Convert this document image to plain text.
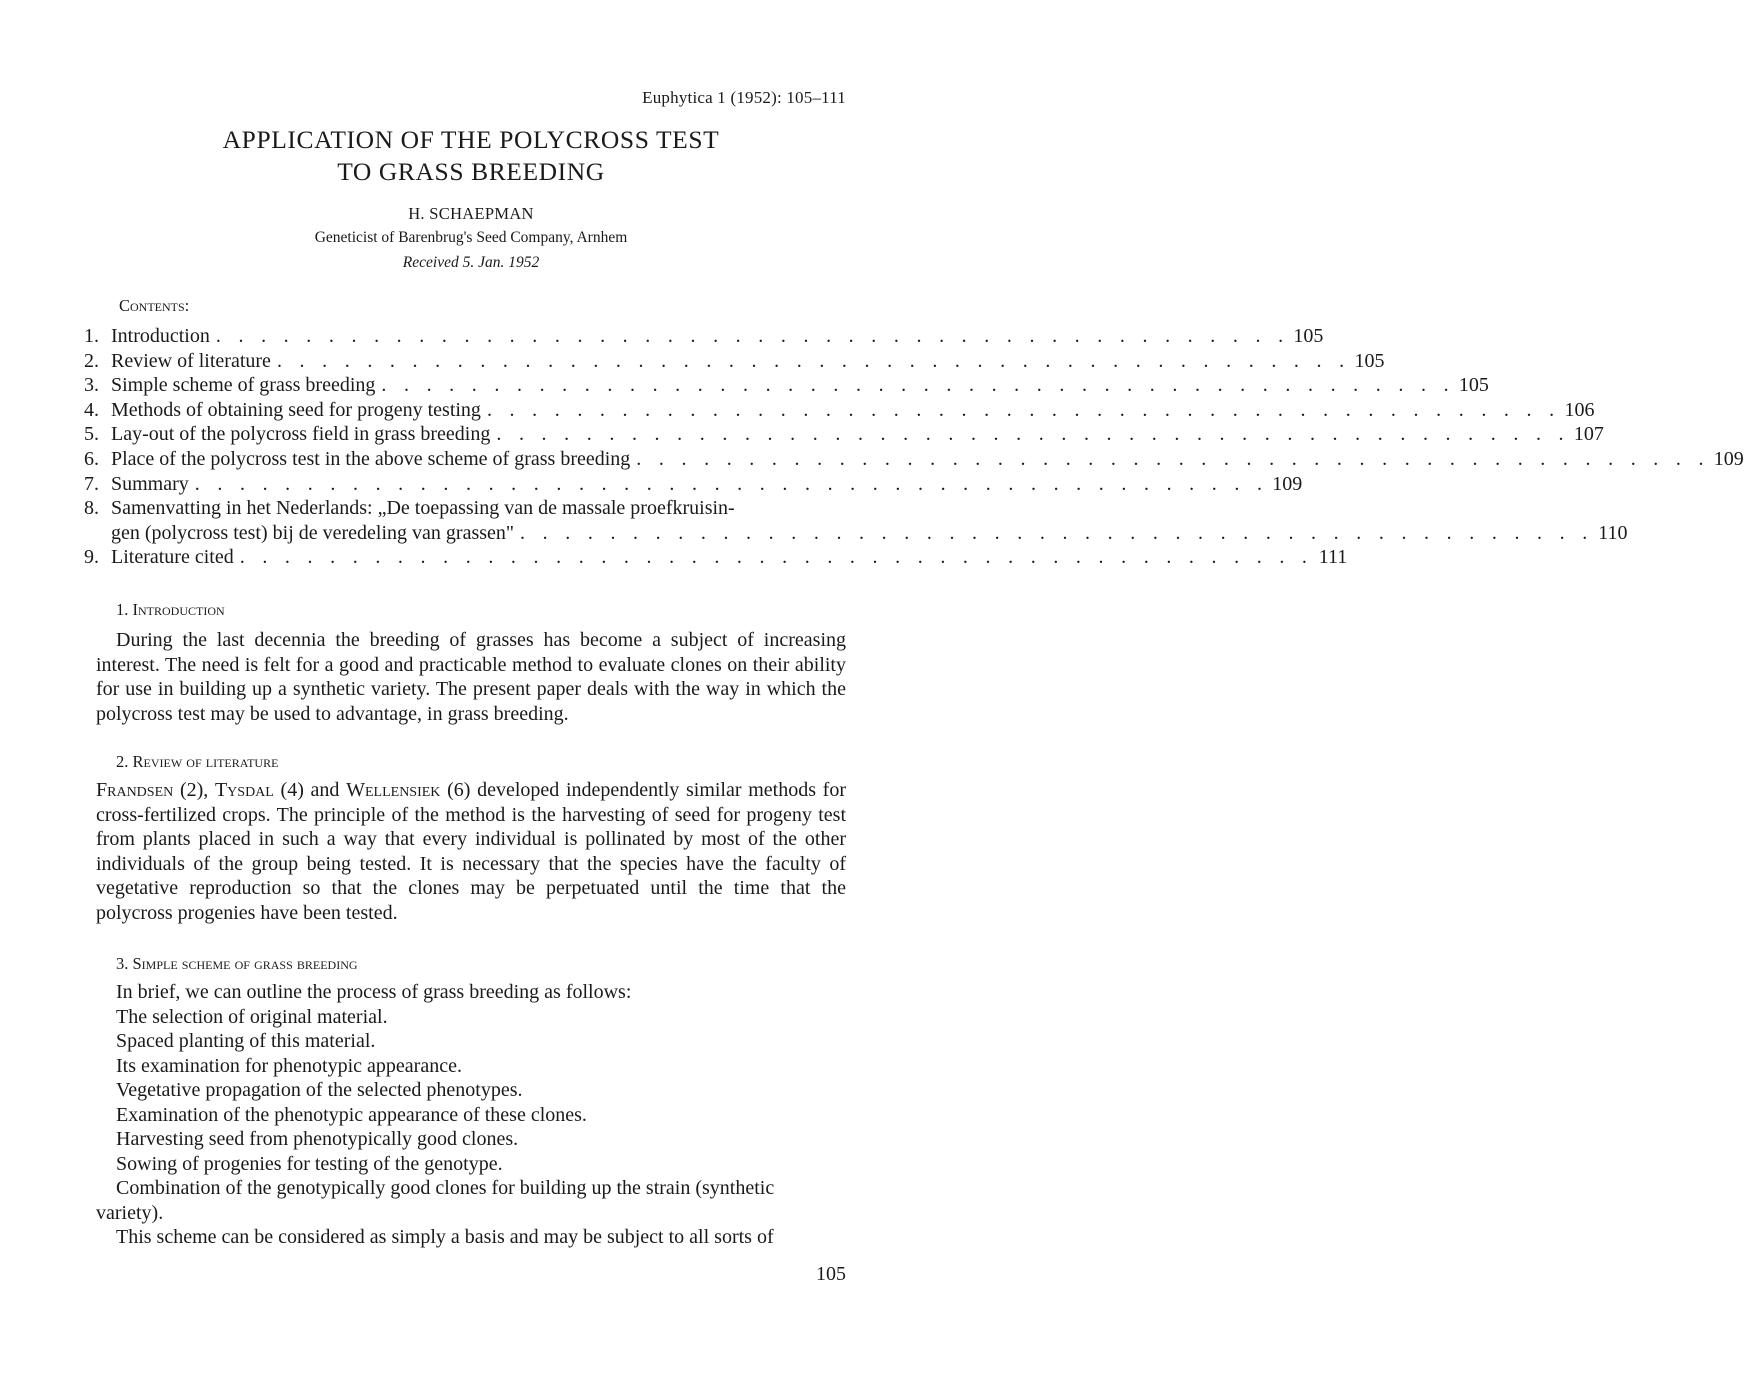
Euphytica 1 (1952): 105–111
APPLICATION OF THE POLYCROSS TEST
TO GRASS BREEDING
H. SCHAEPMAN
Geneticist of Barenbrug's Seed Company, Arnhem
Received 5. Jan. 1952
Contents:
1. Introduction . . . . . . . . . . . . . . . . . . . . . . . . . . . . . . . . . . . . . . . . . . . . . . . . 105
2. Review of literature . . . . . . . . . . . . . . . . . . . . . . . . . . . . . . . . . . . . . . . . . . . . . . . . 105
3. Simple scheme of grass breeding . . . . . . . . . . . . . . . . . . . . . . . . . . . . . . . . . . . . . . . . . . . . . . . . 105
4. Methods of obtaining seed for progeny testing . . . . . . . . . . . . . . . . . . . . . . . . . . . . . . . . . . . . . . . . . . . . . . . . 106
5. Lay-out of the polycross field in grass breeding . . . . . . . . . . . . . . . . . . . . . . . . . . . . . . . . . . . . . . . . . . . . . . . . 107
6. Place of the polycross test in the above scheme of grass breeding . . . . . . . . . . . . . . . . . . . . . . . . . . . . . . . . . . . . . . . . . . . . . . . . 109
7. Summary . . . . . . . . . . . . . . . . . . . . . . . . . . . . . . . . . . . . . . . . . . . . . . . . 109
8. Samenvatting in het Nederlands: „De toepassing van de massale proefkruisin-
gen (polycross test) bij de veredeling van grassen" . . . . . . . . . . . . . . . . . . . . . . . . . . . . . . . . . . . . . . . . . . . . . . . . 110
9. Literature cited . . . . . . . . . . . . . . . . . . . . . . . . . . . . . . . . . . . . . . . . . . . . . . . . 111
1. Introduction

During the last decennia the breeding of grasses has become a subject of increasing interest. The need is felt for a good and practicable method to evaluate clones on their ability for use in building up a synthetic variety. The present paper deals with the way in which the polycross test may be used to advantage, in grass breeding.

2. Review of literature

Frandsen (2), Tysdal (4) and Wellensiek (6) developed independently similar methods for cross-fertilized crops. The principle of the method is the harvesting of seed for progeny test from plants placed in such a way that every individual is pollinated by most of the other individuals of the group being tested. It is necessary that the species have the faculty of vegetative reproduction so that the clones may be perpetuated until the time that the polycross progenies have been tested.

3. Simple scheme of grass breeding
In brief, we can outline the process of grass breeding as follows:
The selection of original material.
Spaced planting of this material.
Its examination for phenotypic appearance.
Vegetative propagation of the selected phenotypes.
Examination of the phenotypic appearance of these clones.
Harvesting seed from phenotypically good clones.
Sowing of progenies for testing of the genotype.
Combination of the genotypically good clones for building up the strain (synthetic variety).
This scheme can be considered as simply a basis and may be subject to all sorts of
105
